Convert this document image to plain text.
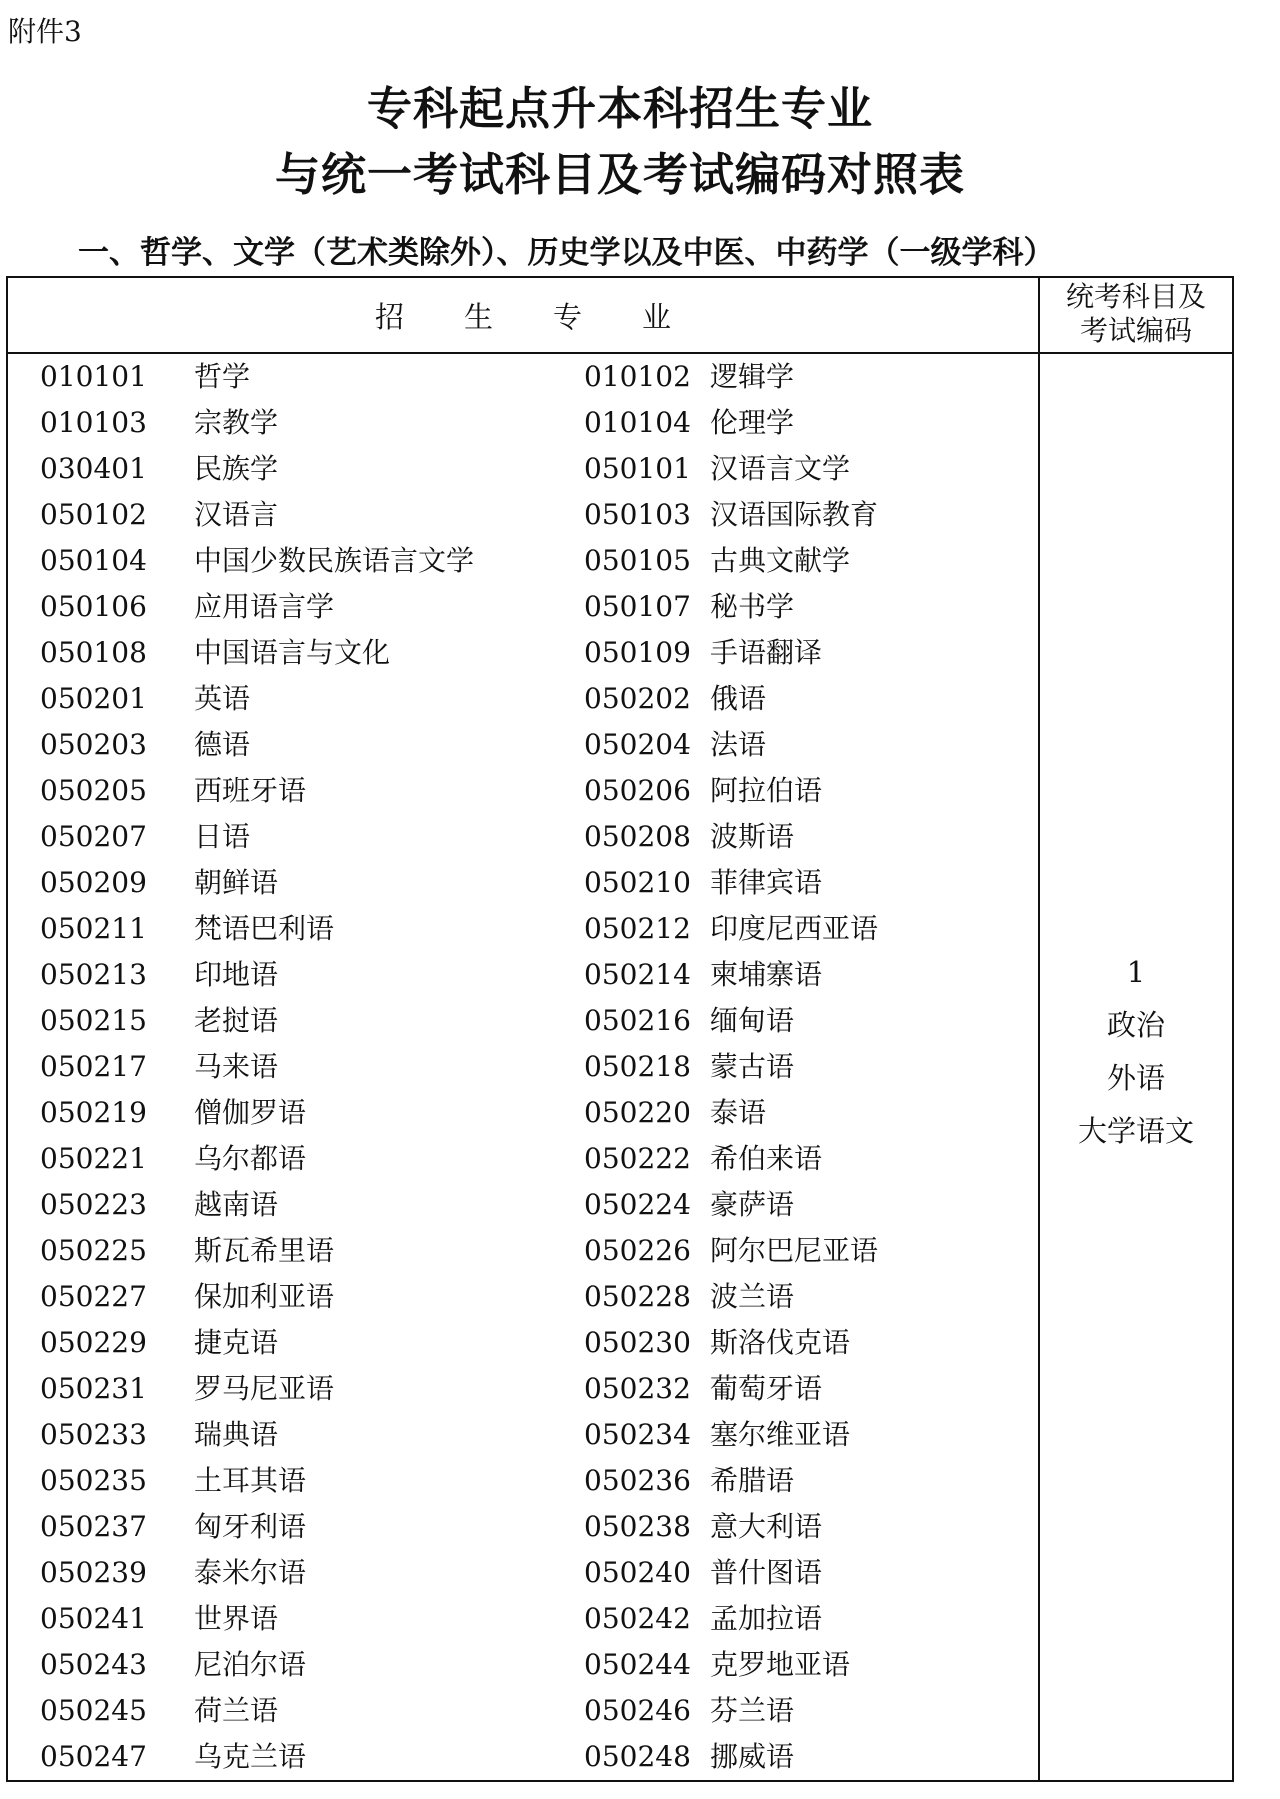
附件3
专科起点升本科招生专业
与统一考试科目及考试编码对照表
一、哲学、文学（艺术类除外）、历史学以及中医、中药学（一级学科）
招生专业
统考科目及
考试编码
010101 哲学	010102 逻辑学
010103 宗教学	010104 伦理学
030401 民族学	050101 汉语言文学
050102 汉语言	050103 汉语国际教育
050104 中国少数民族语言文学	050105 古典文献学
050106 应用语言学	050107 秘书学
050108 中国语言与文化	050109 手语翻译
050201 英语	050202 俄语
050203 德语	050204 法语
050205 西班牙语	050206 阿拉伯语
050207 日语	050208 波斯语
050209 朝鲜语	050210 菲律宾语
050211 梵语巴利语	050212 印度尼西亚语
050213 印地语	050214 柬埔寨语
050215 老挝语	050216 缅甸语
050217 马来语	050218 蒙古语
050219 僧伽罗语	050220 泰语
050221 乌尔都语	050222 希伯来语
050223 越南语	050224 豪萨语
050225 斯瓦希里语	050226 阿尔巴尼亚语
050227 保加利亚语	050228 波兰语
050229 捷克语	050230 斯洛伐克语
050231 罗马尼亚语	050232 葡萄牙语
050233 瑞典语	050234 塞尔维亚语
050235 土耳其语	050236 希腊语
050237 匈牙利语	050238 意大利语
050239 泰米尔语	050240 普什图语
050241 世界语	050242 孟加拉语
050243 尼泊尔语	050244 克罗地亚语
050245 荷兰语	050246 芬兰语
050247 乌克兰语	050248 挪威语
1
政治
外语
大学语文
